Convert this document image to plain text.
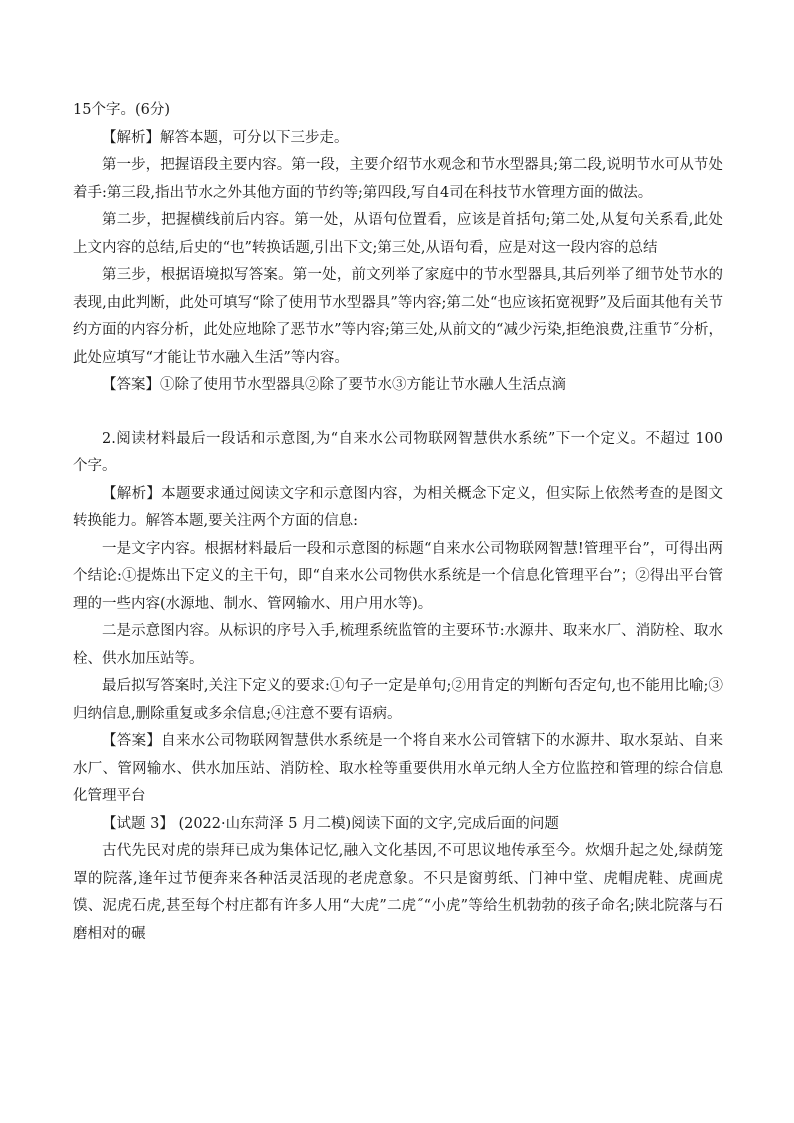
15个字。(6分)

【解析】解答本题，可分以下三步走。

第一步，把握语段主要内容。第一段，主要介绍节水观念和节水型器具;第二段,说明节水可从节处着手:第三段,指出节水之外其他方面的节约等;第四段,写自4司在科技节水管理方面的做法。

第二步，把握横线前后内容。第一处，从语句位置看，应该是首括句;第二处,从复句关系看,此处上文内容的总结,后史的“也”转换话题,引出下文;第三处,从语句看，应是对这一段内容的总结

第三步，根据语境拟写答案。第一处，前文列举了家庭中的节水型器具,其后列举了细节处节水的表现,由此判断，此处可填写“除了使用节水型器具”等内容;第二处“也应该拓宽视野”及后面其他有关节约方面的内容分析，此处应地除了恶节水”等内容;第三处,从前文的“减少污染,拒绝浪费,注重节˝分析，此处应填写“才能让节水融入生活”等内容。

【答案】①除了使用节水型器具②除了要节水③方能让节水融人生活点滴

2.阅读材料最后一段话和示意图,为“自来水公司物联网智慧供水系统”下一个定义。不超过 100 个字。

【解析】本题要求通过阅读文字和示意图内容，为相关概念下定义，但实际上依然考查的是图文转换能力。解答本题,要关注两个方面的信息:

一是文字内容。根据材料最后一段和示意图的标题“自来水公司物联网智慧!管理平台”，可得出两个结论:①提炼出下定义的主干句，即“自来水公司物供水系统是一个信息化管理平台”；②得出平台管理的一些内容(水源地、制水、管网输水、用户用水等)。

二是示意图内容。从标识的序号入手,梳理系统监管的主要环节:水源井、取来水厂、消防栓、取水栓、供水加压站等。

最后拟写答案时,关注下定义的要求:①句子一定是单句;②用肯定的判断句否定句,也不能用比喻;③归纳信息,删除重复或多余信息;④注意不要有语病。

【答案】自来水公司物联网智慧供水系统是一个将自来水公司管辖下的水源井、取水泵站、自来水厂、管网输水、供水加压站、消防栓、取水栓等重要供用水单元纳人全方位监控和管理的综合信息化管理平台

【试题 3】 (2022·山东菏泽 5 月二模)阅读下面的文字,完成后面的问题

古代先民对虎的崇拜已成为集体记忆,融入文化基因,不可思议地传承至今。炊烟升起之处,绿荫笼罩的院落,逢年过节便奔来各种活灵活现的老虎意象。不只是窗剪纸、门神中堂、虎帽虎鞋、虎画虎馍、泥虎石虎,甚至每个村庄都有许多人用“大虎”二虎˝“小虎”等给生机勃勃的孩子命名;陕北院落与石磨相对的碾
